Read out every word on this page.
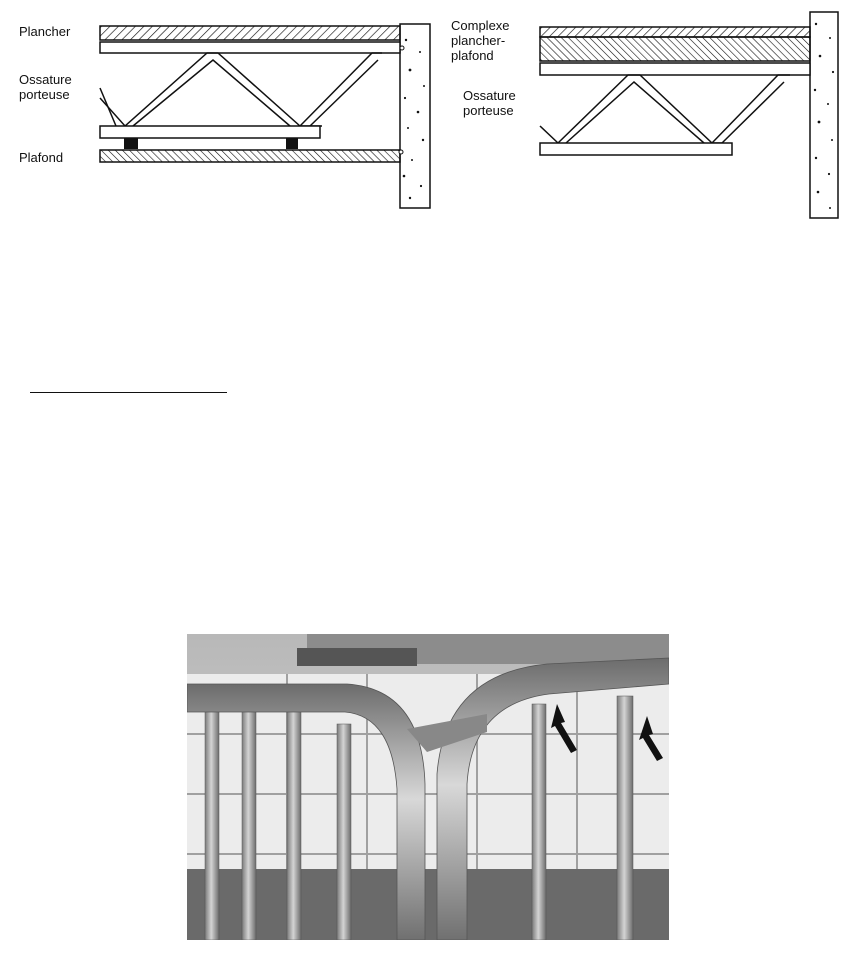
Plancher
Ossature
porteuse
Plafond
Complexe
plancher-
plafond
Ossature
porteuse
